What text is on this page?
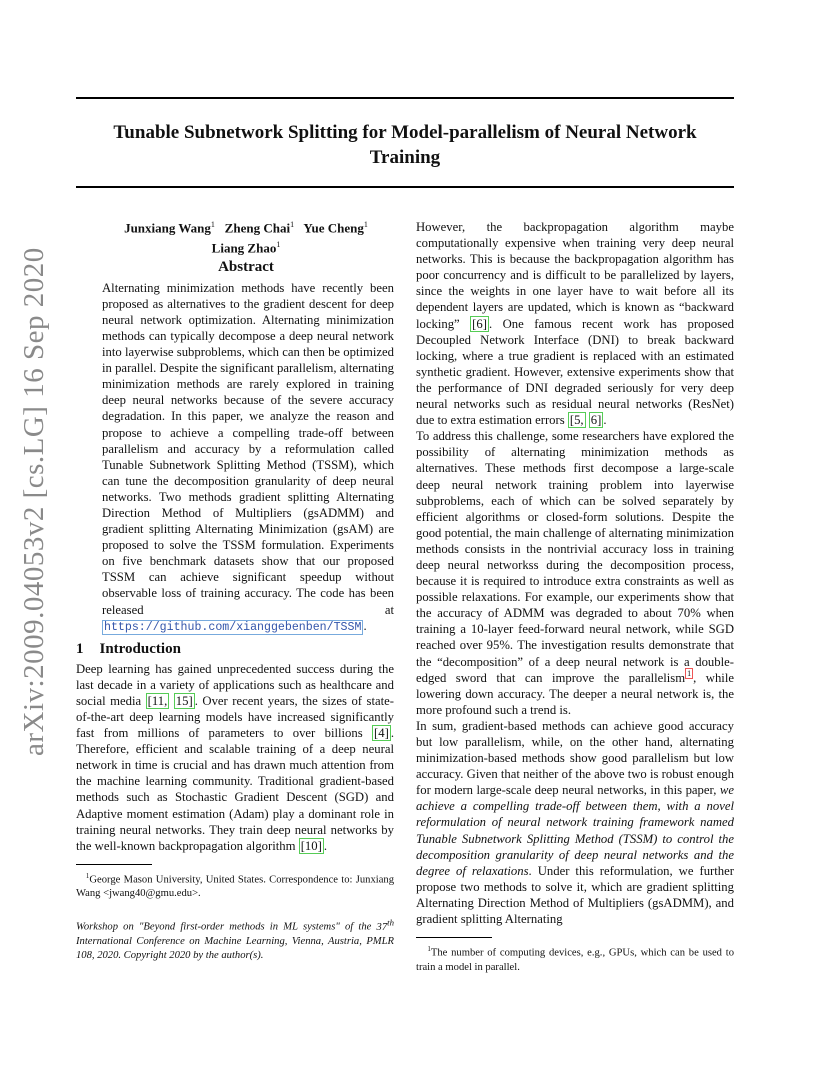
arXiv:2009.04053v2 [cs.LG] 16 Sep 2020
Tunable Subnetwork Splitting for Model-parallelism of Neural Network
Training
Junxiang Wang$^1$ Zheng Chai$^1$ Yue Cheng$^1$
Liang Zhao$^1$
Abstract
Alternating minimization methods have recently been proposed as alternatives to the gradient descent for deep neural network optimization. Alternating minimization methods can typically decompose a deep neural network into layerwise subproblems, which can then be optimized in parallel. Despite the significant parallelism, alternating minimization methods are rarely explored in training deep neural networks because of the severe accuracy degradation. In this paper, we analyze the reason and propose to achieve a compelling trade-off between parallelism and accuracy by a reformulation called Tunable Subnetwork Splitting Method (TSSM), which can tune the decomposition granularity of deep neural networks. Two methods gradient splitting Alternating Direction Method of Multipliers (gsADMM) and gradient splitting Alternating Minimization (gsAM) are proposed to solve the TSSM formulation. Experiments on five benchmark datasets show that our proposed TSSM can achieve significant speedup without observable loss of training accuracy. The code has been released at https://github.com/xianggebenben/TSSM .
1 Introduction

Deep learning has gained unprecedented success during the last decade in a variety of applications such as healthcare and social media [11, 15] . Over recent years, the sizes of state-of-the-art deep learning models have increased significantly fast from millions of parameters to over billions [4] . Therefore, efficient and scalable training of a deep neural network in time is crucial and has drawn much attention from the machine learning community. Traditional gradient-based methods such as Stochastic Gradient Descent (SGD) and Adaptive moment estimation (Adam) play a dominant role in training neural networks. They train deep neural networks by the well-known backpropagation algorithm [10] .

$^1$George Mason University, United States. Correspondence to: Junxiang Wang <jwang40@gmu.edu>.

Workshop on "Beyond first-order methods in ML systems" of the 37th International Conference on Machine Learning, Vienna, Austria, PMLR 108, 2020. Copyright 2020 by the author(s).

However, the backpropagation algorithm maybe computationally expensive when training very deep neural networks. This is because the backpropagation algorithm has poor concurrency and is difficult to be parallelized by layers, since the weights in one layer have to wait before all its dependent layers are updated, which is known as “backward locking” [6] . One famous recent work has proposed Decoupled Network Interface (DNI) to break backward locking, where a true gradient is replaced with an estimated synthetic gradient. However, extensive experiments show that the performance of DNI degraded seriously for very deep neural networks such as residual neural networks (ResNet) due to extra estimation errors [5, 6] .

To address this challenge, some researchers have explored the possibility of alternating minimization methods as alternatives. These methods first decompose a large-scale deep neural network training problem into layerwise subproblems, each of which can be solved separately by efficient algorithms or closed-form solutions. Despite the good potential, the main challenge of alternating minimization methods consists in the nontrivial accuracy loss in training deep neural networkss during the decomposition process, because it is required to introduce extra constraints as well as possible relaxations. For example, our experiments show that the accuracy of ADMM was degraded to about 70% when training a 10-layer feed-forward neural network, while SGD reached over 95%. The investigation results demonstrate that the “decomposition” of a deep neural network is a double-edged sword that can improve the parallelism $^1$ , while lowering down accuracy. The deeper a neural network is, the more profound such a trend is.

In sum, gradient-based methods can achieve good accuracy but low parallelism, while, on the other hand, alternating minimization-based methods show good parallelism but low accuracy. Given that neither of the above two is robust enough for modern large-scale deep neural networks, in this paper, we achieve a compelling trade-off between them, with a novel reformulation of neural network training framework named Tunable Subnetwork Splitting Method (TSSM) to control the decomposition granularity of deep neural networks and the degree of relaxations. Under this reformulation, we further propose two methods to solve it, which are gradient splitting Alternating Direction Method of Multipliers (gsADMM), and gradient splitting Alternating

$^1$The number of computing devices, e.g., GPUs, which can be used to train a model in parallel.
